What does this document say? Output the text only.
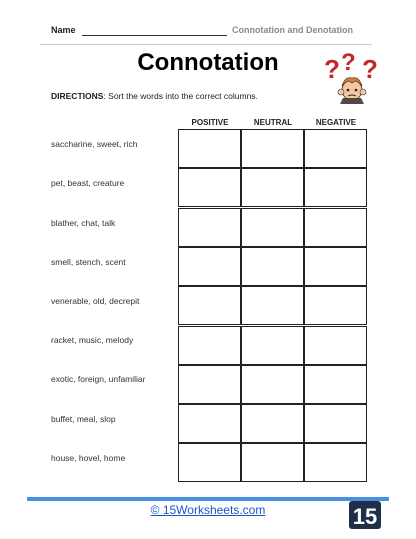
Name	Connotation and Denotation
Connotation	? ? ?
DIRECTIONS: Sort the words into the correct columns.
POSITIVE	NEUTRAL	NEGATIVE
saccharine, sweet, rich
pet, beast, creature
blather, chat, talk
smell, stench, scent
venerable, old, decrepit
racket, music, melody
exotic, foreign, unfamiliar
buffet, meal, slop
house, hovel, home
© 15Worksheets.com	15
